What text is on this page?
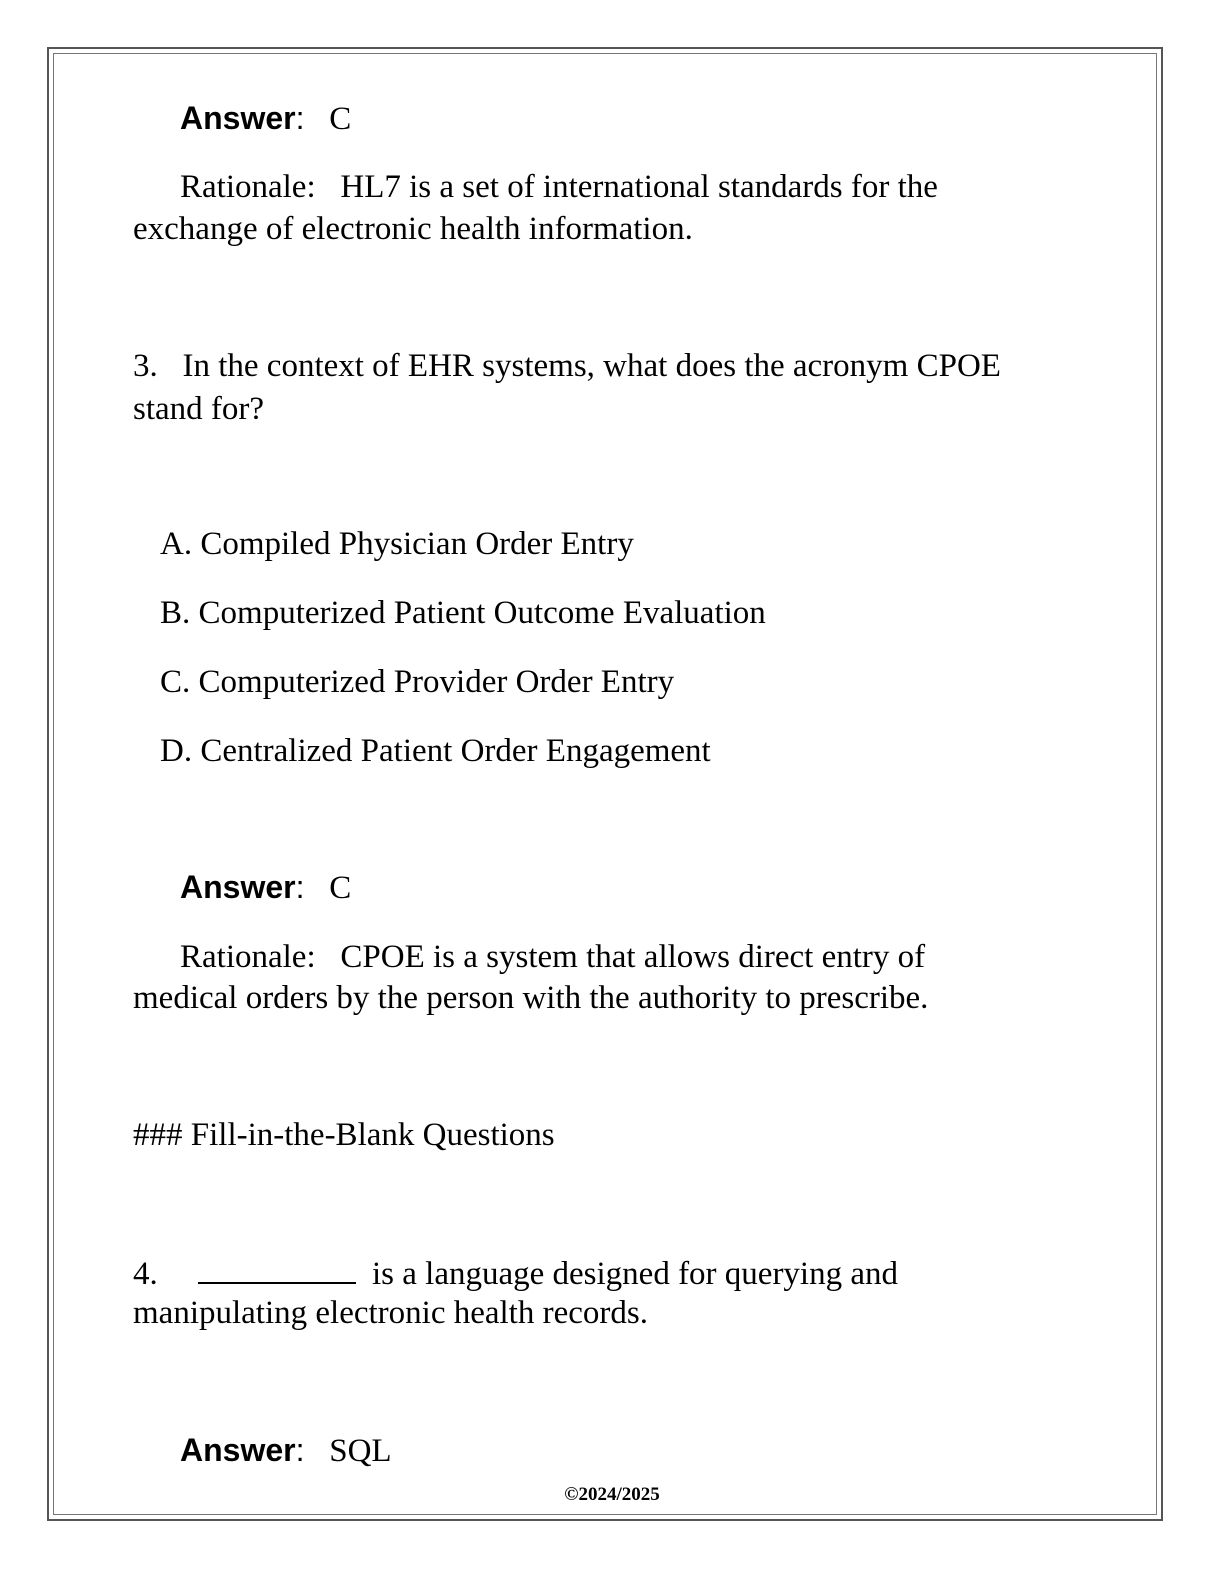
Answer: C
Rationale: HL7 is a set of international standards for the
exchange of electronic health information.
3. In the context of EHR systems, what does the acronym CPOE
stand for?
A. Compiled Physician Order Entry
B. Computerized Patient Outcome Evaluation
C. Computerized Provider Order Entry
D. Centralized Patient Order Engagement
Answer: C
Rationale: CPOE is a system that allows direct entry of
medical orders by the person with the authority to prescribe.
### Fill-in-the-Blank Questions
4.	is a language designed for querying and
manipulating electronic health records.
Answer: SQL
©2024/2025
